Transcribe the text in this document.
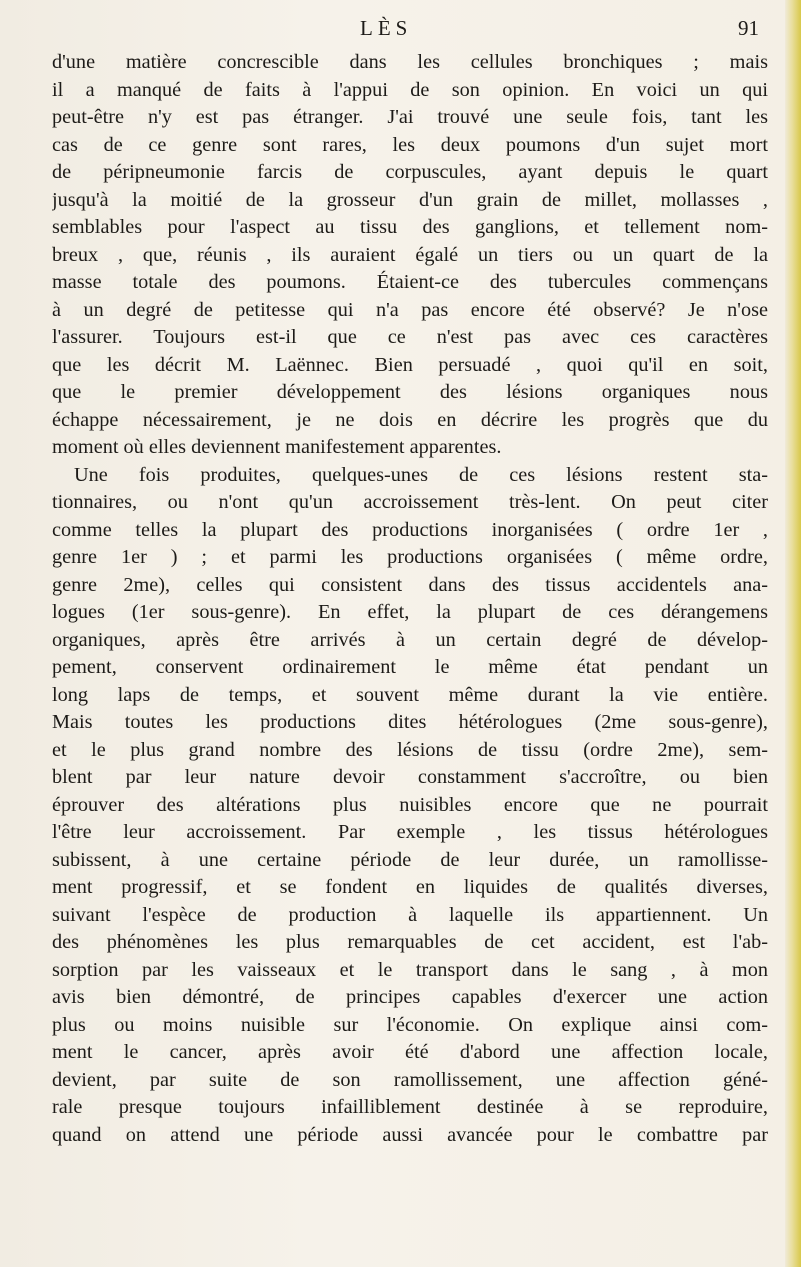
LÈS	91
d'une matière concrescible dans les cellules bronchiques ; mais
il a manqué de faits à l'appui de son opinion. En voici un qui
peut-être n'y est pas étranger. J'ai trouvé une seule fois, tant les
cas de ce genre sont rares, les deux poumons d'un sujet mort
de péripneumonie farcis de corpuscules, ayant depuis le quart
jusqu'à la moitié de la grosseur d'un grain de millet, mollasses ,
semblables pour l'aspect au tissu des ganglions, et tellement nom-
breux , que, réunis , ils auraient égalé un tiers ou un quart de la
masse totale des poumons. Étaient-ce des tubercules commençans
à un degré de petitesse qui n'a pas encore été observé? Je n'ose
l'assurer. Toujours est-il que ce n'est pas avec ces caractères
que les décrit M. Laënnec. Bien persuadé , quoi qu'il en soit,
que le premier développement des lésions organiques nous
échappe nécessairement, je ne dois en décrire les progrès que du
moment où elles deviennent manifestement apparentes.
Une fois produites, quelques-unes de ces lésions restent sta-
tionnaires, ou n'ont qu'un accroissement très-lent. On peut citer
comme telles la plupart des productions inorganisées ( ordre 1er ,
genre 1er ) ; et parmi les productions organisées ( même ordre,
genre 2me), celles qui consistent dans des tissus accidentels ana-
logues (1er sous-genre). En effet, la plupart de ces dérangemens
organiques, après être arrivés à un certain degré de dévelop-
pement, conservent ordinairement le même état pendant un
long laps de temps, et souvent même durant la vie entière.
Mais toutes les productions dites hétérologues (2me sous-genre),
et le plus grand nombre des lésions de tissu (ordre 2me), sem-
blent par leur nature devoir constamment s'accroître, ou bien
éprouver des altérations plus nuisibles encore que ne pourrait
l'être leur accroissement. Par exemple , les tissus hétérologues
subissent, à une certaine période de leur durée, un ramollisse-
ment progressif, et se fondent en liquides de qualités diverses,
suivant l'espèce de production à laquelle ils appartiennent. Un
des phénomènes les plus remarquables de cet accident, est l'ab-
sorption par les vaisseaux et le transport dans le sang , à mon
avis bien démontré, de principes capables d'exercer une action
plus ou moins nuisible sur l'économie. On explique ainsi com-
ment le cancer, après avoir été d'abord une affection locale,
devient, par suite de son ramollissement, une affection géné-
rale presque toujours infailliblement destinée à se reproduire,
quand on attend une période aussi avancée pour le combattre par
